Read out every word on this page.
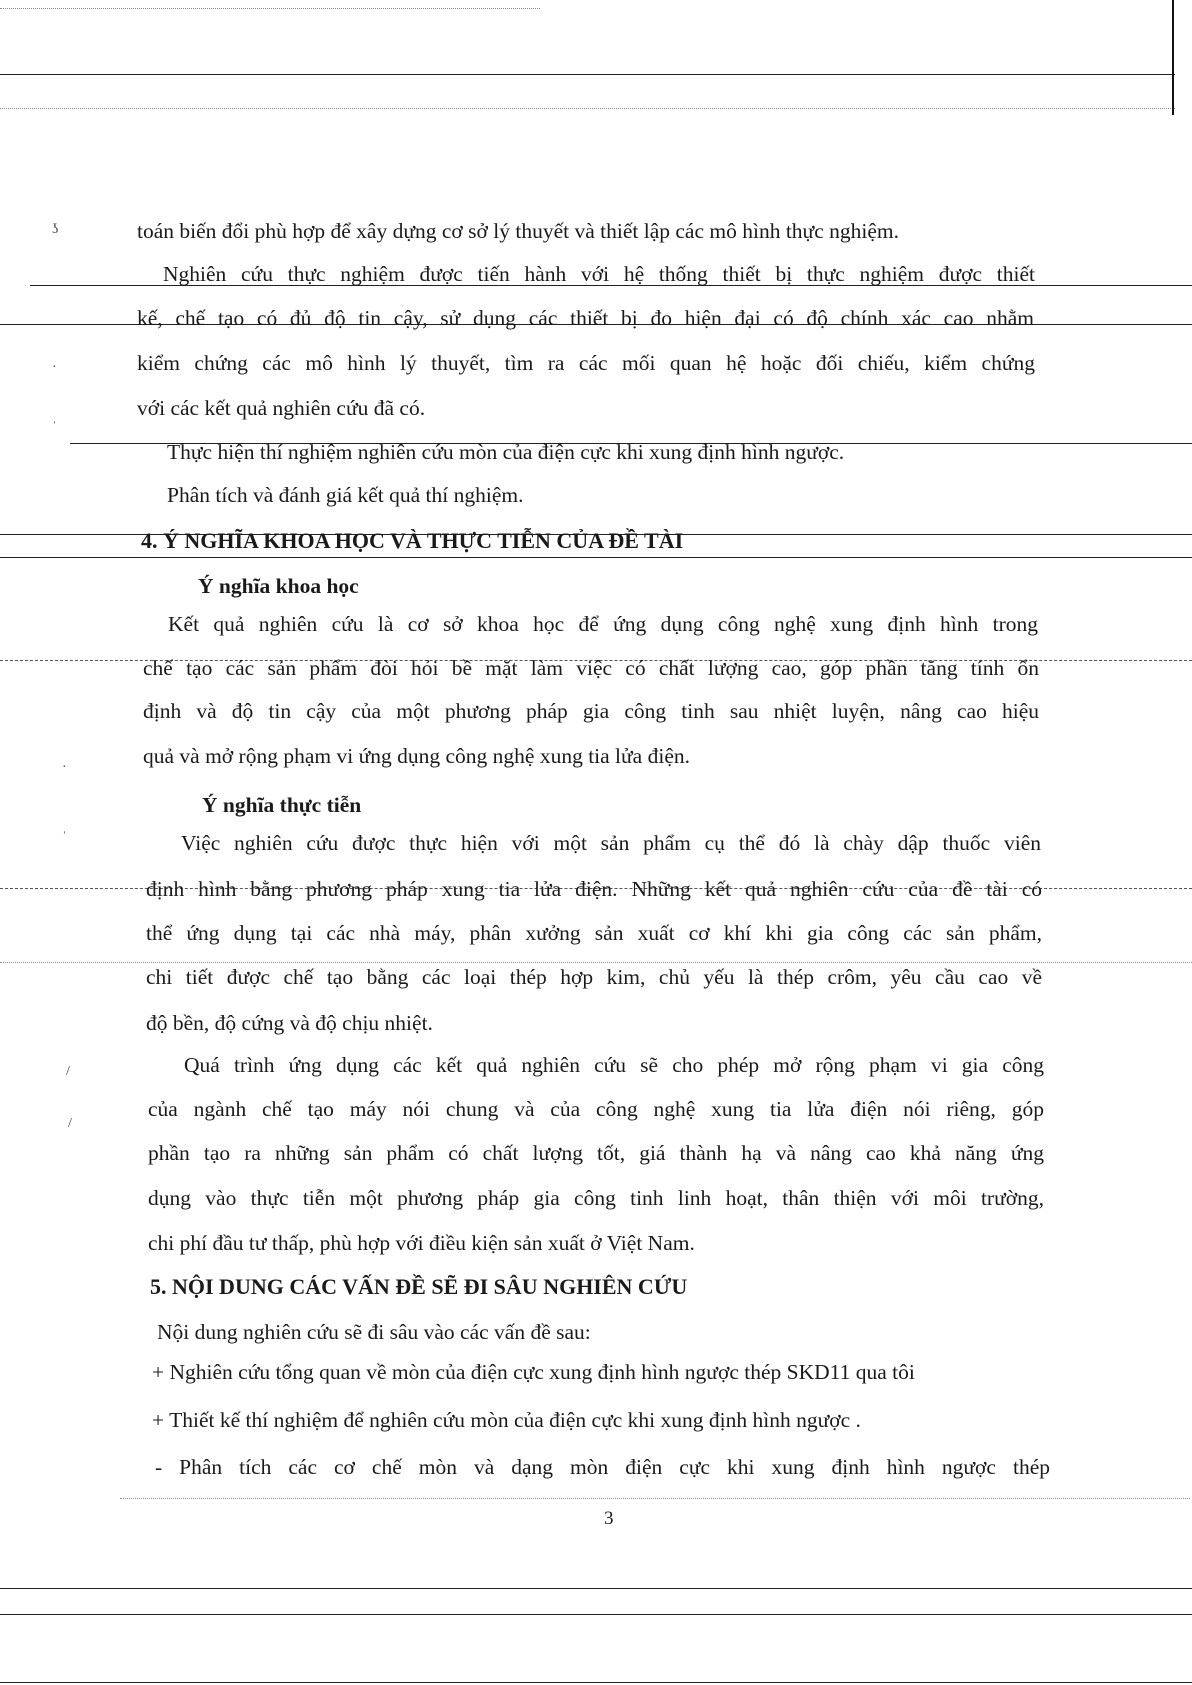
ʖ
·
ˈ
·
ˈ
/
/
toán biến đổi phù hợp để xây dựng cơ sở lý thuyết và thiết lập các mô hình thực nghiệm.
Nghiên cứu thực nghiệm được tiến hành với hệ thống thiết bị thực nghiệm được thiết
kế, chế tạo có đủ độ tin cậy, sử dụng các thiết bị đo hiện đại có độ chính xác cao nhằm
kiểm chứng các mô hình lý thuyết, tìm ra các mối quan hệ hoặc đối chiếu, kiểm chứng
với các kết quả nghiên cứu đã có.
Thực hiện thí nghiệm nghiên cứu mòn của điện cực khi xung định hình ngược.
Phân tích và đánh giá kết quả thí nghiệm.
4. Ý NGHĨA KHOA HỌC VÀ THỰC TIỄN CỦA ĐỀ TÀI
Ý nghĩa khoa học
Kết quả nghiên cứu là cơ sở khoa học để ứng dụng công nghệ xung định hình trong
chế tạo các sản phẩm đòi hỏi bề mặt làm việc có chất lượng cao, góp phần tăng tính ổn
định và độ tin cậy của một phương pháp gia công tinh sau nhiệt luyện, nâng cao hiệu
quả và mở rộng phạm vi ứng dụng công nghệ xung tia lửa điện.
Ý nghĩa thực tiễn
Việc nghiên cứu được thực hiện với một sản phẩm cụ thể đó là chày dập thuốc viên
định hình bằng phương pháp xung tia lửa điện. Những kết quả nghiên cứu của đề tài có
thể ứng dụng tại các nhà máy, phân xưởng sản xuất cơ khí khi gia công các sản phẩm,
chi tiết được chế tạo bằng các loại thép hợp kim, chủ yếu là thép crôm, yêu cầu cao về
độ bền, độ cứng và độ chịu nhiệt.
Quá trình ứng dụng các kết quả nghiên cứu sẽ cho phép mở rộng phạm vi gia công
của ngành chế tạo máy nói chung và của công nghệ xung tia lửa điện nói riêng, góp
phần tạo ra những sản phẩm có chất lượng tốt, giá thành hạ và nâng cao khả năng ứng
dụng vào thực tiễn một phương pháp gia công tinh linh hoạt, thân thiện với môi trường,
chi phí đầu tư thấp, phù hợp với điều kiện sản xuất ở Việt Nam.
5. NỘI DUNG CÁC VẤN ĐỀ SẼ ĐI SÂU NGHIÊN CỨU
Nội dung nghiên cứu sẽ đi sâu vào các vấn đề sau:
+ Nghiên cứu tổng quan về mòn của điện cực xung định hình ngược thép SKD11 qua tôi
+ Thiết kế thí nghiệm để nghiên cứu mòn của điện cực khi xung định hình ngược .
- Phân tích các cơ chế mòn và dạng mòn điện cực khi xung định hình ngược thép
3
